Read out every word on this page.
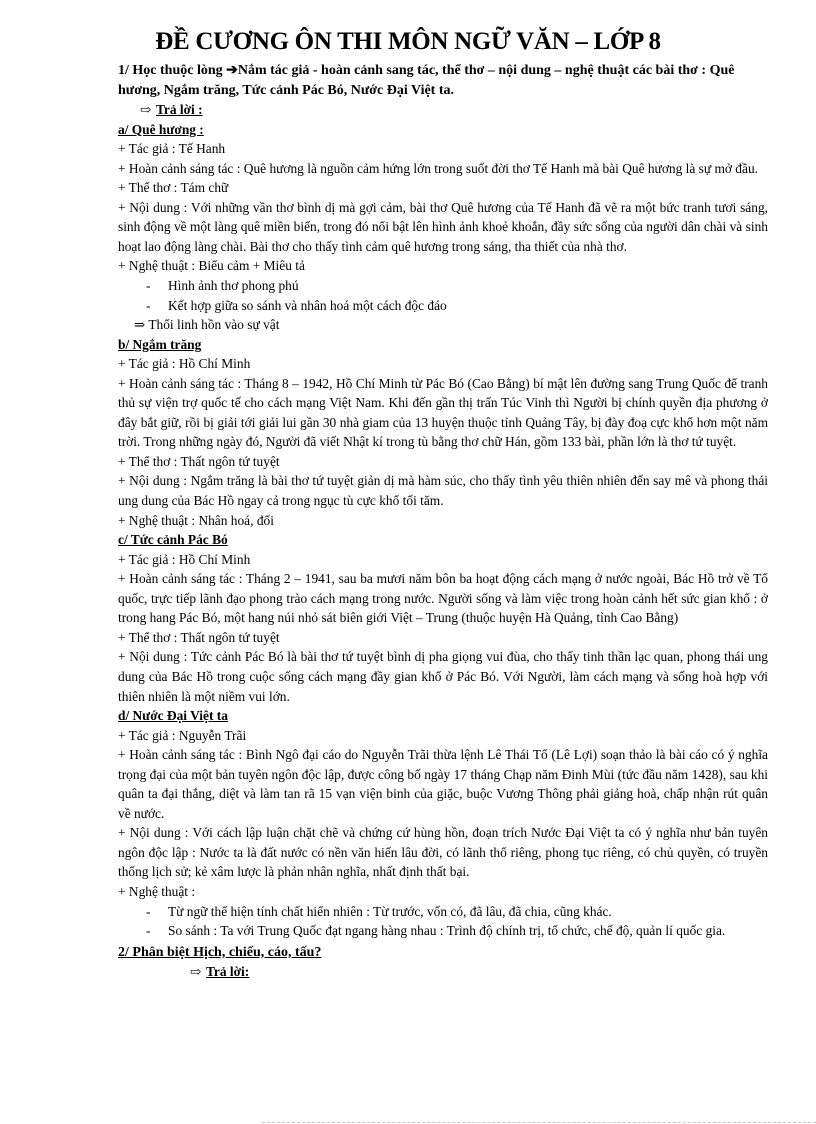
ĐỀ CƯƠNG ÔN THI MÔN NGỮ VĂN – LỚP 8

1/ Học thuộc lòng ➔Nắm tác giả - hoàn cảnh sang tác, thể thơ – nội dung – nghệ thuật các bài thơ : Quê hương, Ngắm trăng, Tức cảnh Pác Bó, Nước Đại Việt ta.

⇨ Trả lời :

a/ Quê hương :

+ Tác giả : Tế Hanh

+ Hoàn cảnh sáng tác : Quê hương là nguồn cảm hứng lớn trong suốt đời thơ Tế Hanh mà bài Quê hương là sự mở đầu.

+ Thể thơ : Tám chữ

+ Nội dung : Với những vần thơ bình dị mà gợi cảm, bài thơ Quê hương của Tế Hanh đã vẽ ra một bức tranh tươi sáng, sinh động về một làng quê miền biển, trong đó nổi bật lên hình ảnh khoẻ khoắn, đầy sức sống của người dân chài và sinh hoạt lao động làng chài. Bài thơ cho thấy tình cảm quê hương trong sáng, tha thiết của nhà thơ.

+ Nghệ thuật : Biểu cảm + Miêu tả

- Hình ảnh thơ phong phú

- Kết hợp giữa so sánh và nhân hoá một cách độc đáo

⇒ Thổi linh hồn vào sự vật

b/ Ngắm trăng

+ Tác giả : Hồ Chí Minh

+ Hoàn cảnh sáng tác : Tháng 8 – 1942, Hồ Chí Minh từ Pác Bó (Cao Bằng) bí mật lên đường sang Trung Quốc để tranh thủ sự viện trợ quốc tế cho cách mạng Việt Nam. Khi đến gần thị trấn Túc Vinh thì Người bị chính quyền địa phương ở đây bắt giữ, rồi bị giải tới giải lui gần 30 nhà giam của 13 huyện thuộc tỉnh Quảng Tây, bị đày đoạ cực khổ hơn một năm trời. Trong những ngày đó, Người đã viết Nhật kí trong tù bằng thơ chữ Hán, gồm 133 bài, phần lớn là thơ tứ tuyệt.

+ Thể thơ : Thất ngôn tứ tuyệt

+ Nội dung : Ngắm trăng là bài thơ tứ tuyệt giản dị mà hàm súc, cho thấy tình yêu thiên nhiên đến say mê và phong thái ung dung của Bác Hồ ngay cả trong ngục tù cực khổ tối tăm.

+ Nghệ thuật : Nhân hoá, đối

c/ Tức cảnh Pác Bó

+ Tác giả : Hồ Chí Minh

+ Hoàn cảnh sáng tác : Tháng 2 – 1941, sau ba mươi năm bôn ba hoạt động cách mạng ở nước ngoài, Bác Hồ trở về Tổ quốc, trực tiếp lãnh đạo phong trào cách mạng trong nước. Người sống và làm việc trong hoàn cảnh hết sức gian khổ : ở trong hang Pác Bó, một hang núi nhỏ sát biên giới Việt – Trung (thuộc huyện Hà Quảng, tỉnh Cao Bằng)

+ Thể thơ : Thất ngôn tứ tuyệt

+ Nội dung : Tức cảnh Pác Bó là bài thơ tứ tuyệt bình dị pha giọng vui đùa, cho thấy tinh thần lạc quan, phong thái ung dung của Bác Hồ trong cuộc sống cách mạng đầy gian khổ ở Pác Bó. Với Người, làm cách mạng và sống hoà hợp với thiên nhiên là một niềm vui lớn.

d/ Nước Đại Việt ta

+ Tác giả : Nguyễn Trãi

+ Hoàn cảnh sáng tác : Bình Ngô đại cáo do Nguyễn Trãi thừa lệnh Lê Thái Tổ (Lê Lợi) soạn thảo là bài cáo có ý nghĩa trọng đại của một bản tuyên ngôn độc lập, được công bố ngày 17 tháng Chạp năm Đinh Mùi (tức đầu năm 1428), sau khi quân ta đại thắng, diệt và làm tan rã 15 vạn viện binh của giặc, buộc Vương Thông phải giảng hoà, chấp nhận rút quân về nước.

+ Nội dung : Với cách lập luận chặt chẽ và chứng cứ hùng hồn, đoạn trích Nước Đại Việt ta có ý nghĩa như bản tuyên ngôn độc lập : Nước ta là đất nước có nền văn hiến lâu đời, có lãnh thổ riêng, phong tục riêng, có chủ quyền, có truyền thống lịch sử; kẻ xâm lược là phản nhân nghĩa, nhất định thất bại.

+ Nghệ thuật :

- Từ ngữ thể hiện tính chất hiển nhiên : Từ trước, vốn có, đã lâu, đã chia, cũng khác.

- So sánh : Ta với Trung Quốc đạt ngang hàng nhau : Trình độ chính trị, tổ chức, chế độ, quản lí quốc gia.

2/ Phân biệt Hịch, chiếu, cáo, tấu?

⇨ Trả lời:
